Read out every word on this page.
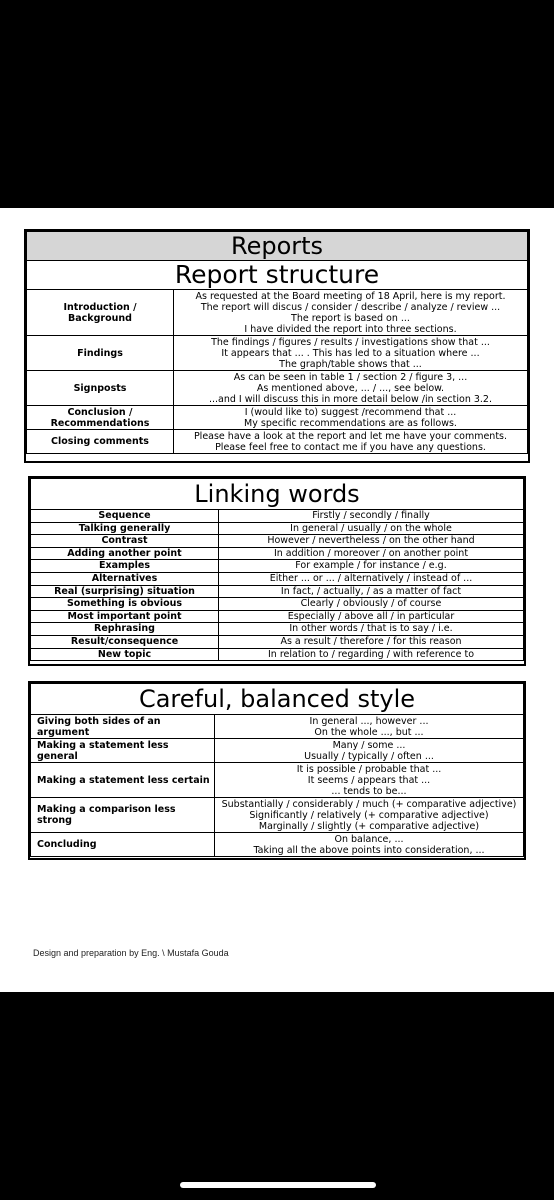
Reports	
Report structure	

Introduction /
Background	As requested at the Board meeting of 18 April, here is my report.
The report will discus / consider / describe / analyze / review ...
The report is based on ...
I have divided the report into three sections.

Findings	The findings / figures / results / investigations show that ...
It appears that ... . This has led to a situation where ...
The graph/table shows that ...

Signposts	As can be seen in table 1 / section 2 / figure 3, ...
As mentioned above, ... / ..., see below.
...and I will discuss this in more detail below /in section 3.2.

Conclusion /
Recommendations	I (would like to) suggest /recommend that ...
My specific recommendations are as follows.

Closing comments	Please have a look at the report and let me have your comments.
Please feel free to contact me if you have any questions.
Linking words	
Sequence	Firstly / secondly / finally
Talking generally	In general / usually / on the whole
Contrast	However / nevertheless / on the other hand
Adding another point	In addition / moreover / on another point
Examples	For example / for instance / e.g.
Alternatives	Either ... or ... / alternatively / instead of ...
Real (surprising) situation	In fact, / actually, / as a matter of fact
Something is obvious	Clearly / obviously / of course
Most important point	Especially / above all / in particular
Rephrasing	In other words / that is to say / i.e.
Result/consequence	As a result / therefore / for this reason
New topic	In relation to / regarding / with reference to
Careful, balanced style	
Giving both sides of an argument	In general ..., however ...
On the whole ..., but ...

Making a statement less general	Many / some ...
Usually / typically / often ...

Making a statement less certain	It is possible / probable that ...
It seems / appears that ...
... tends to be...

Making a comparison less strong	Substantially / considerably / much (+ comparative adjective)
Significantly / relatively (+ comparative adjective)
Marginally / slightly (+ comparative adjective)

Concluding	On balance, ...
Taking all the above points into consideration, ...
Design and preparation by Eng. \ Mustafa Gouda
